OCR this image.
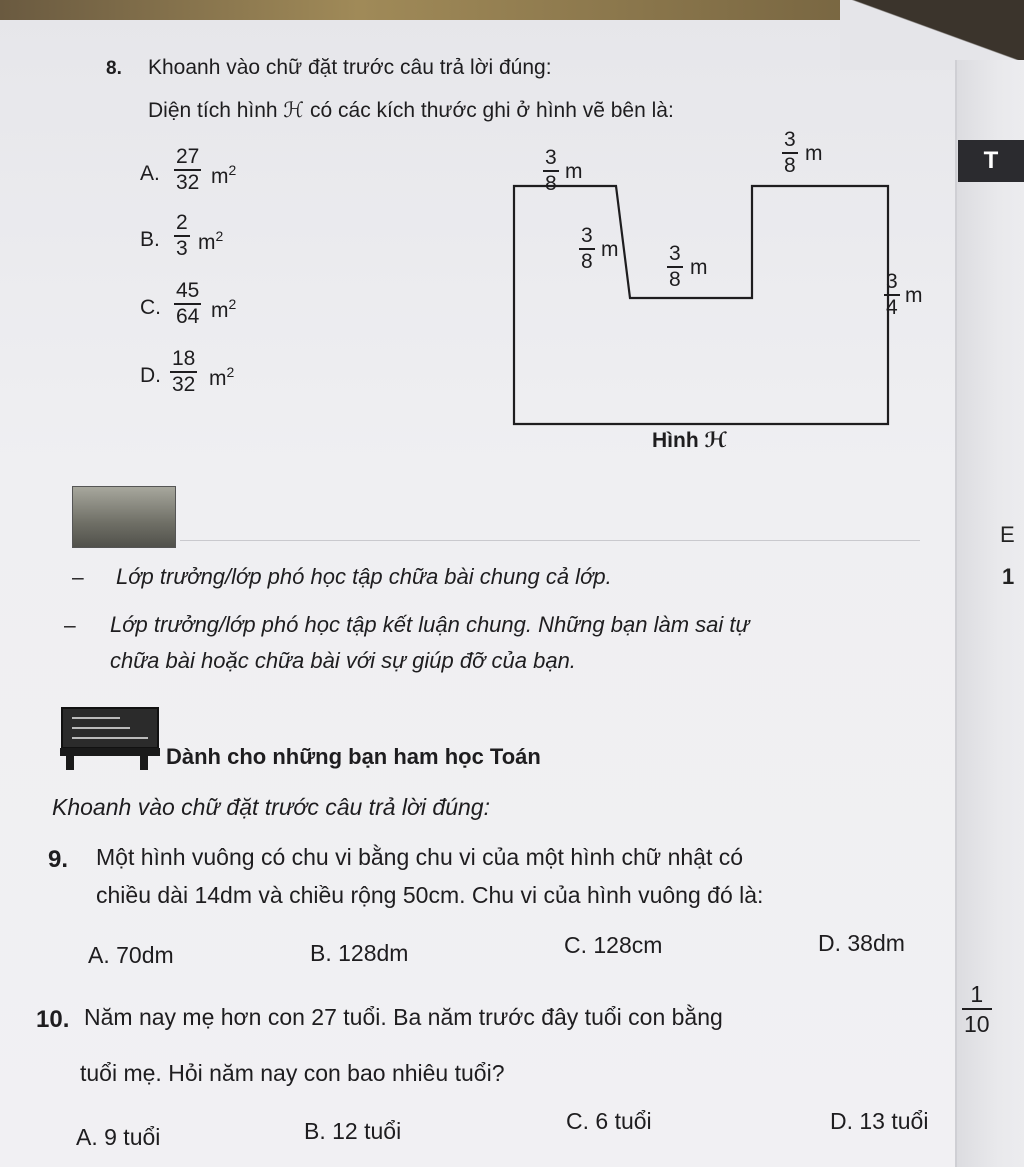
T
E
1
8. Khoanh vào chữ đặt trước câu trả lời đúng:
Diện tích hình ℋ có các kích thước ghi ở hình vẽ bên là:
A. $\frac{27}{32} m^2$
B. $\frac{2}{3} m^2$
C. $\frac{45}{64} m^2$
D. $\frac{18}{32} m^2$
$\frac{3}{8}$ m	$\frac{3}{8}$ m
$\frac{3}{8}$ m $\frac{3}{8}$ m
$\frac{3}{4}$ m
Hình ℋ
– Lớp trưởng/lớp phó học tập chữa bài chung cả lớp.
– Lớp trưởng/lớp phó học tập kết luận chung. Những bạn làm sai tự
chữa bài hoặc chữa bài với sự giúp đỡ của bạn.
Dành cho những bạn ham học Toán
Khoanh vào chữ đặt trước câu trả lời đúng:
9. Một hình vuông có chu vi bằng chu vi của một hình chữ nhật có
chiều dài 14dm và chiều rộng 50cm. Chu vi của hình vuông đó là:
A. 70dm	B. 128dm	C. 128cm	D. 38dm
10. Năm nay mẹ hơn con 27 tuổi. Ba năm trước đây tuổi con bằng	$\frac{1}{10}$
tuổi mẹ. Hỏi năm nay con bao nhiêu tuổi?
A. 9 tuổi	B. 12 tuổi	C. 6 tuổi	D. 13 tuổi
